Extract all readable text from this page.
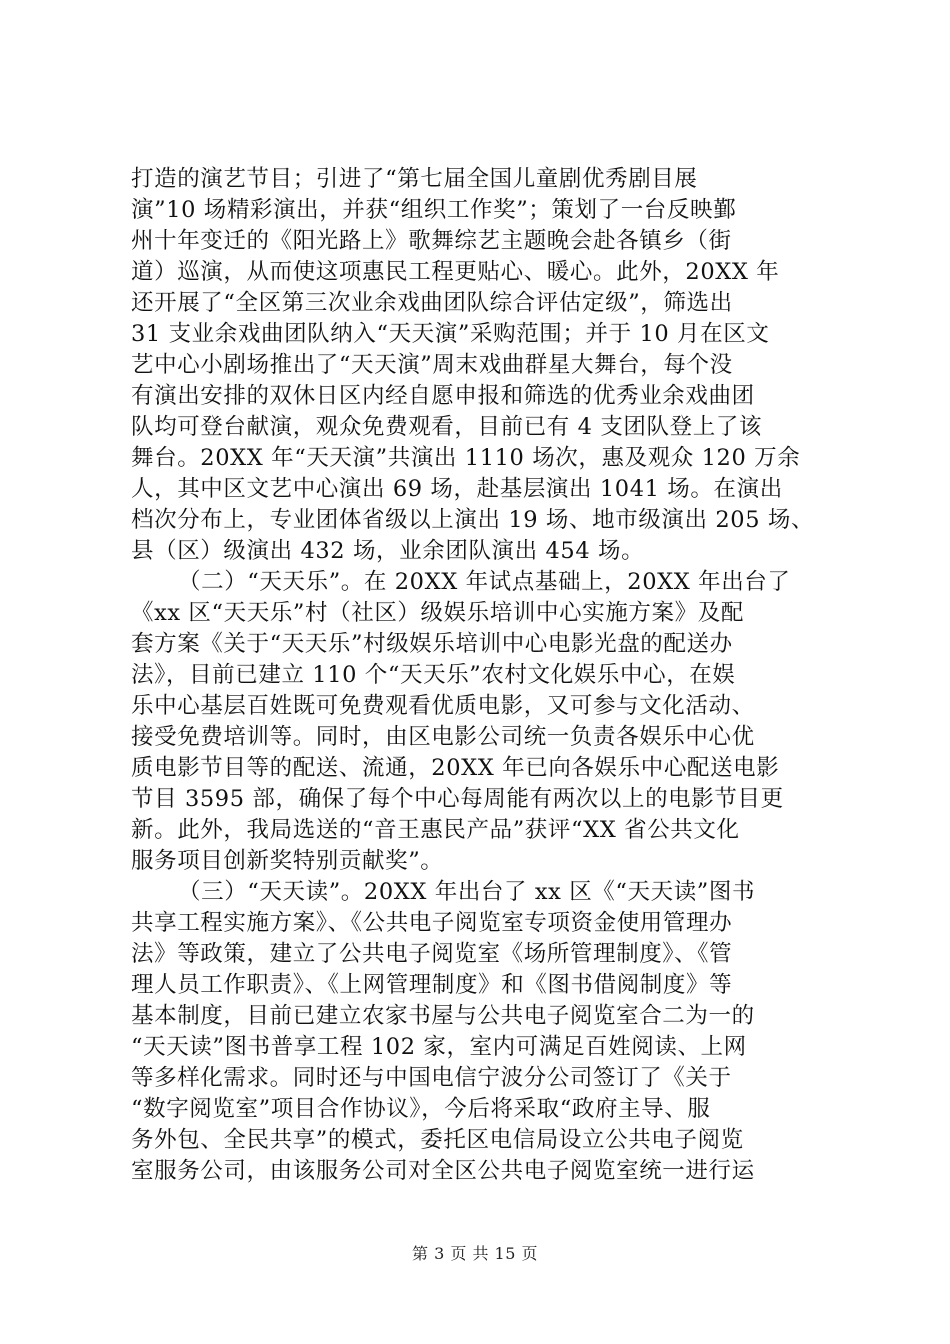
打造的演艺节目；引进了“第七届全国儿童剧优秀剧目展
演”10 场精彩演出，并获“组织工作奖”；策划了一台反映鄞
州十年变迁的《阳光路上》歌舞综艺主题晚会赴各镇乡（街
道）巡演，从而使这项惠民工程更贴心、暖心。此外，20XX 年
还开展了“全区第三次业余戏曲团队综合评估定级”，筛选出
31 支业余戏曲团队纳入“天天演”采购范围；并于 10 月在区文
艺中心小剧场推出了“天天演”周末戏曲群星大舞台，每个没
有演出安排的双休日区内经自愿申报和筛选的优秀业余戏曲团
队均可登台献演，观众免费观看，目前已有 4 支团队登上了该
舞台。20XX 年“天天演”共演出 1110 场次，惠及观众 120 万余
人，其中区文艺中心演出 69 场，赴基层演出 1041 场。在演出
档次分布上，专业团体省级以上演出 19 场、地市级演出 205 场、
县（区）级演出 432 场，业余团队演出 454 场。
（二）“天天乐”。在 20XX 年试点基础上，20XX 年出台了
《xx 区“天天乐”村（社区）级娱乐培训中心实施方案》及配
套方案《关于“天天乐”村级娱乐培训中心电影光盘的配送办
法》，目前已建立 110 个“天天乐”农村文化娱乐中心，在娱
乐中心基层百姓既可免费观看优质电影，又可参与文化活动、
接受免费培训等。同时，由区电影公司统一负责各娱乐中心优
质电影节目等的配送、流通，20XX 年已向各娱乐中心配送电影
节目 3595 部，确保了每个中心每周能有两次以上的电影节目更
新。此外，我局选送的“音王惠民产品”获评“XX 省公共文化
服务项目创新奖特别贡献奖”。
（三）“天天读”。20XX 年出台了 xx 区《“天天读”图书
共享工程实施方案》、《公共电子阅览室专项资金使用管理办
法》等政策，建立了公共电子阅览室《场所管理制度》、《管
理人员工作职责》、《上网管理制度》和《图书借阅制度》等
基本制度，目前已建立农家书屋与公共电子阅览室合二为一的
“天天读”图书普享工程 102 家，室内可满足百姓阅读、上网
等多样化需求。同时还与中国电信宁波分公司签订了《关于
“数字阅览室”项目合作协议》，今后将采取“政府主导、服
务外包、全民共享”的模式，委托区电信局设立公共电子阅览
室服务公司，由该服务公司对全区公共电子阅览室统一进行运
第 3 页 共 15 页
